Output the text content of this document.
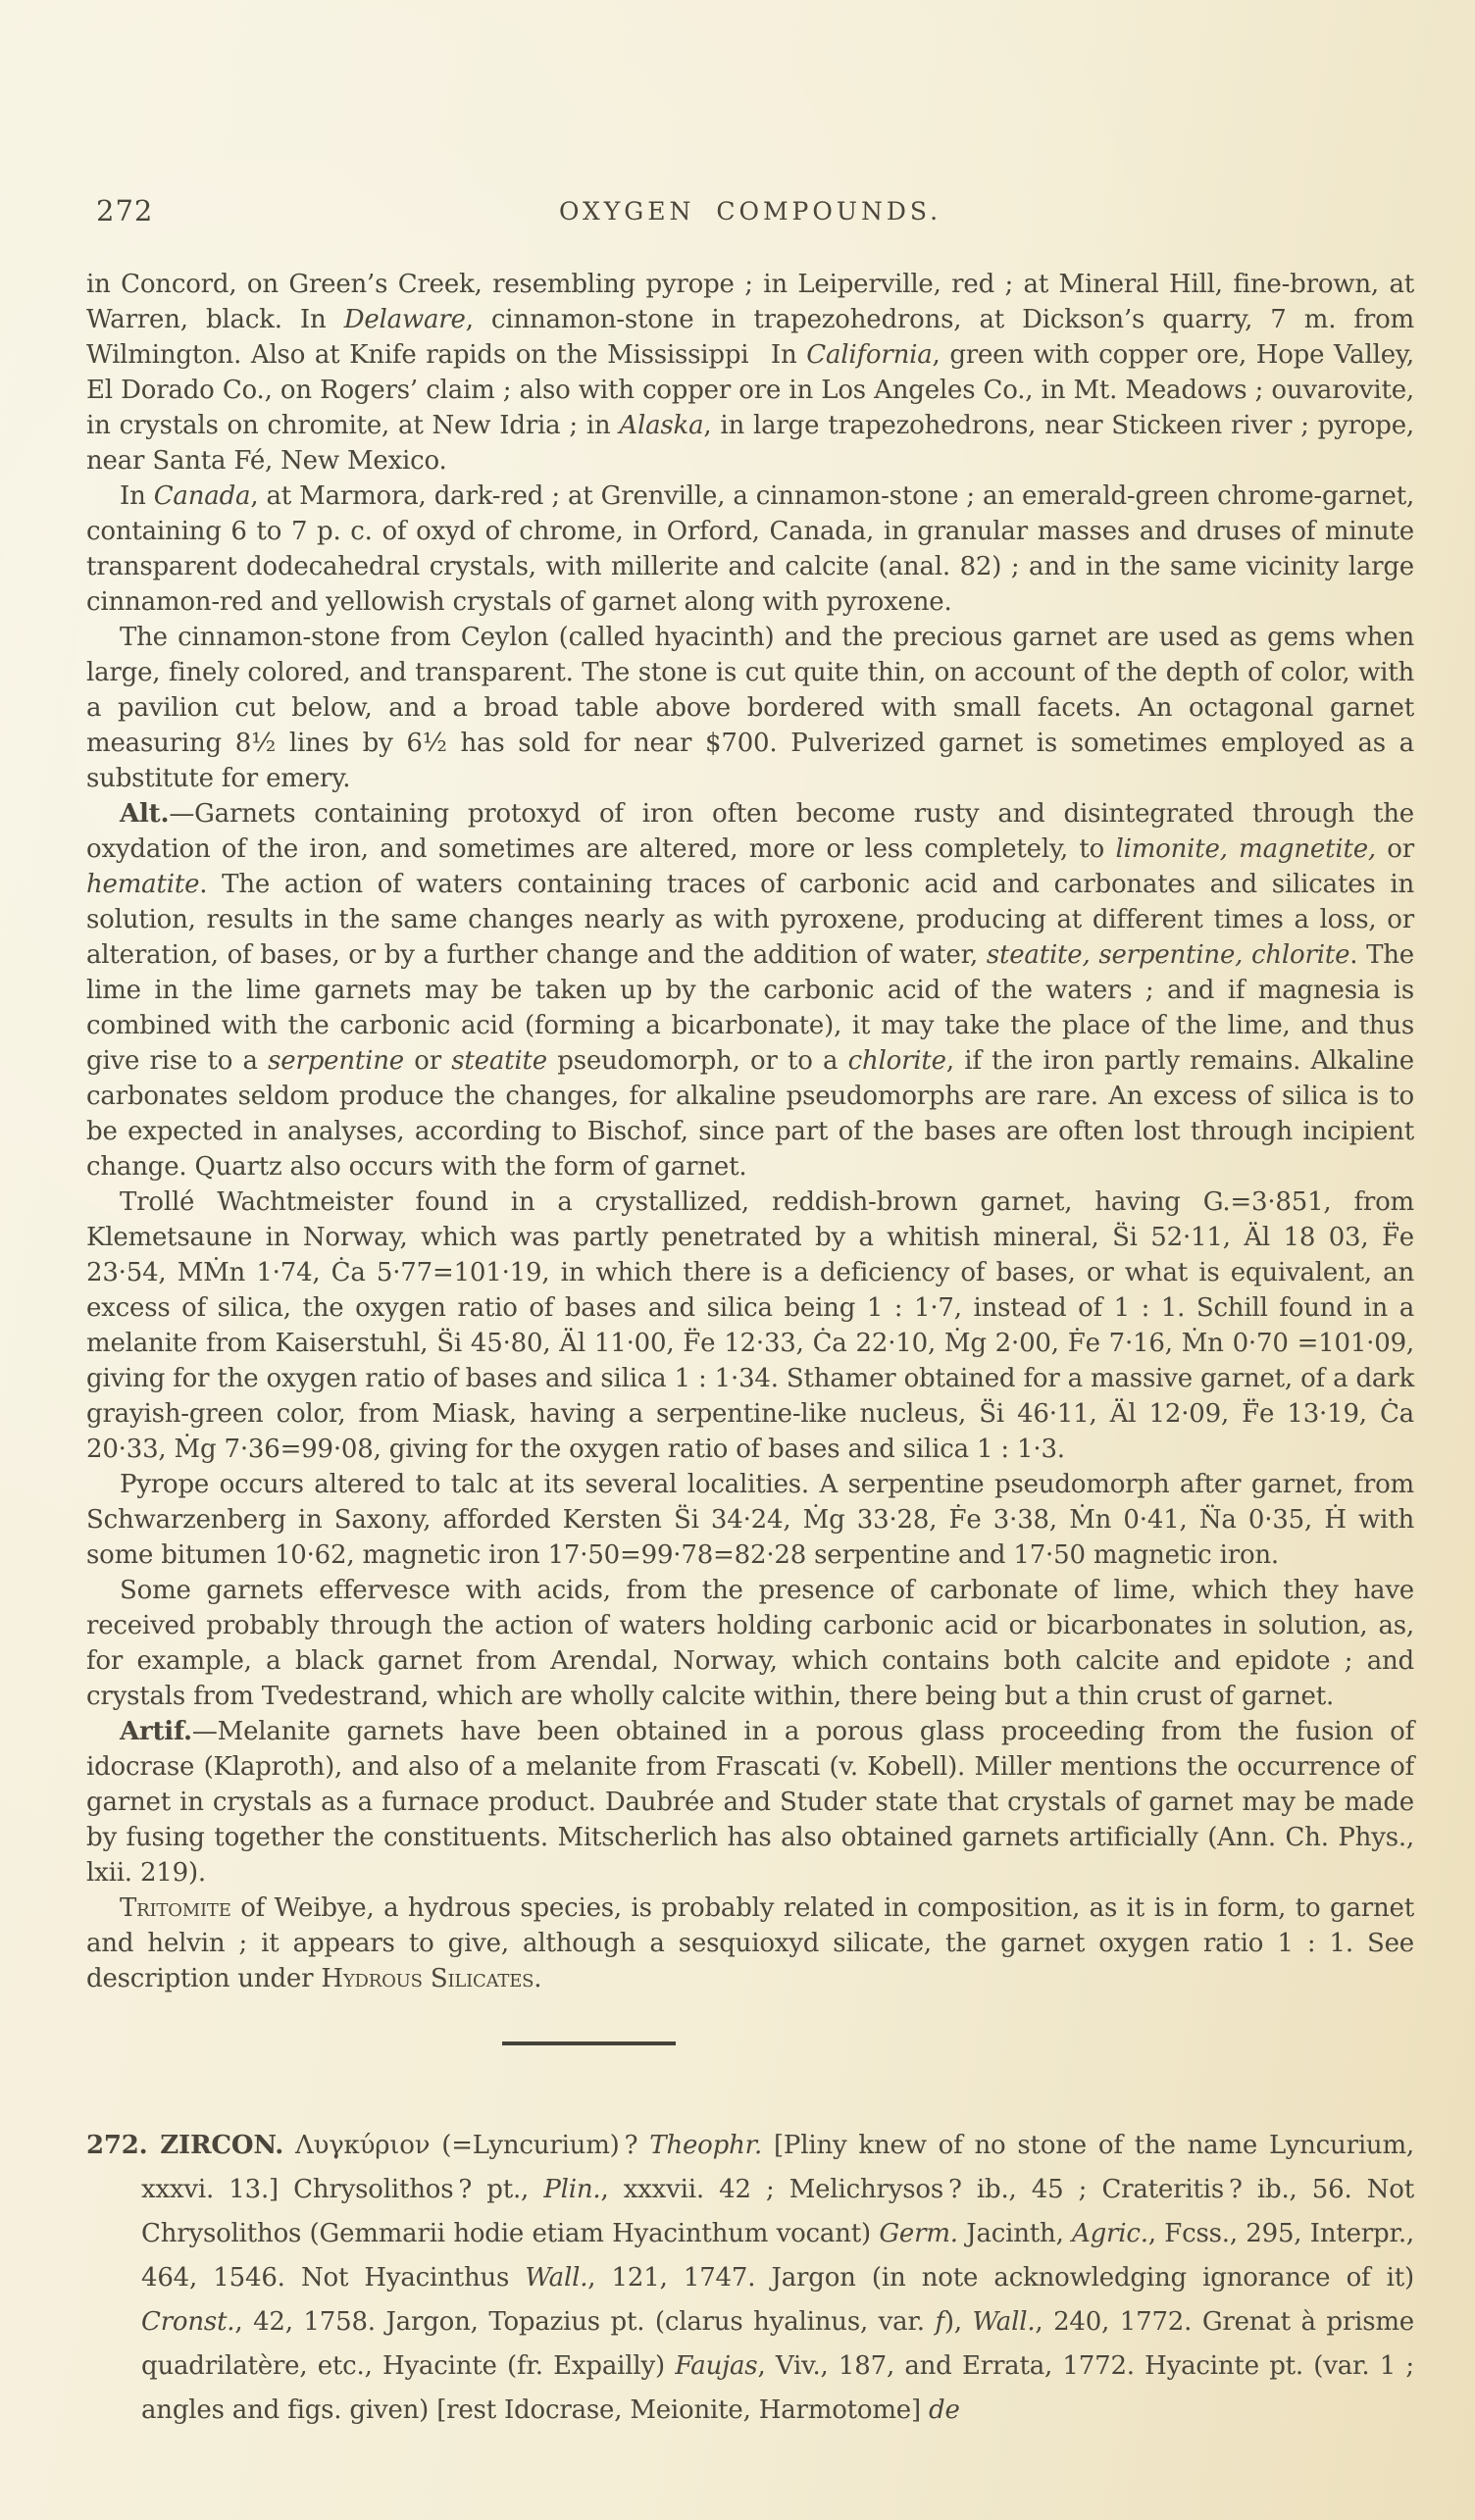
272	OXYGEN COMPOUNDS.

in Concord, on Green’s Creek, resembling pyrope ; in Leiperville, red ; at Mineral Hill, fine-brown, at Warren, black. In Delaware, cinnamon-stone in trapezohedrons, at Dickson’s quarry, 7 m. from Wilmington. Also at Knife rapids on the Mississippi  In California, green with copper ore, Hope Valley, El Dorado Co., on Rogers’ claim ; also with copper ore in Los Angeles Co., in Mt. Meadows ; ouvarovite, in crystals on chromite, at New Idria ; in Alaska, in large trapezohedrons, near Stickeen river ; pyrope, near Santa Fé, New Mexico.

In Canada, at Marmora, dark-red ; at Grenville, a cinnamon-stone ; an emerald-green chrome-garnet, containing 6 to 7 p. c. of oxyd of chrome, in Orford, Canada, in granular masses and druses of minute transparent dodecahedral crystals, with millerite and calcite (anal. 82) ; and in the same vicinity large cinnamon-red and yellowish crystals of garnet along with pyroxene.

The cinnamon-stone from Ceylon (called hyacinth) and the precious garnet are used as gems when large, finely colored, and transparent. The stone is cut quite thin, on account of the depth of color, with a pavilion cut below, and a broad table above bordered with small facets. An octagonal garnet measuring 8½ lines by 6½ has sold for near $700. Pulverized garnet is sometimes employed as a substitute for emery.

Alt.—Garnets containing protoxyd of iron often become rusty and disintegrated through the oxydation of the iron, and sometimes are altered, more or less completely, to limonite, magnetite, or hematite. The action of waters containing traces of carbonic acid and carbonates and silicates in solution, results in the same changes nearly as with pyroxene, producing at different times a loss, or alteration, of bases, or by a further change and the addition of water, steatite, serpentine, chlorite. The lime in the lime garnets may be taken up by the carbonic acid of the waters ; and if magnesia is combined with the carbonic acid (forming a bicarbonate), it may take the place of the lime, and thus give rise to a serpentine or steatite pseudomorph, or to a chlorite, if the iron partly remains. Alkaline carbonates seldom produce the changes, for alkaline pseudomorphs are rare. An excess of silica is to be expected in analyses, according to Bischof, since part of the bases are often lost through incipient change. Quartz also occurs with the form of garnet.

Trollé Wachtmeister found in a crystallized, reddish-brown garnet, having G.=3·851, from Klemetsaune in Norway, which was partly penetrated by a whitish mineral, S̈i 52·11, Äl 18 03, F̈e 23·54, MṀn 1·74, Ċa 5·77=101·19, in which there is a deficiency of bases, or what is equivalent, an excess of silica, the oxygen ratio of bases and silica being 1 : 1·7, instead of 1 : 1. Schill found in a melanite from Kaiserstuhl, S̈i 45·80, Äl 11·00, F̈e 12·33, Ċa 22·10, Ṁg 2·00, Ḟe 7·16, Ṁn 0·70 =101·09, giving for the oxygen ratio of bases and silica 1 : 1·34. Sthamer obtained for a massive garnet, of a dark grayish-green color, from Miask, having a serpentine-like nucleus, S̈i 46·11, Äl 12·09, F̈e 13·19, Ċa 20·33, Ṁg 7·36=99·08, giving for the oxygen ratio of bases and silica 1 : 1·3.

Pyrope occurs altered to talc at its several localities. A serpentine pseudomorph after garnet, from Schwarzenberg in Saxony, afforded Kersten S̈i 34·24, Ṁg 33·28, Ḟe 3·38, Ṁn 0·41, N̈a 0·35, Ḣ with some bitumen 10·62, magnetic iron 17·50=99·78=82·28 serpentine and 17·50 magnetic iron.

Some garnets effervesce with acids, from the presence of carbonate of lime, which they have received probably through the action of waters holding carbonic acid or bicarbonates in solution, as, for example, a black garnet from Arendal, Norway, which contains both calcite and epidote ; and crystals from Tvedestrand, which are wholly calcite within, there being but a thin crust of garnet.

Artif.—Melanite garnets have been obtained in a porous glass proceeding from the fusion of idocrase (Klaproth), and also of a melanite from Frascati (v. Kobell). Miller mentions the occurrence of garnet in crystals as a furnace product. Daubrée and Studer state that crystals of garnet may be made by fusing together the constituents. Mitscherlich has also obtained garnets artificially (Ann. Ch. Phys., lxii. 219).

Tritomite of Weibye, a hydrous species, is probably related in composition, as it is in form, to garnet and helvin ; it appears to give, although a sesquioxyd silicate, the garnet oxygen ratio 1 : 1. See description under Hydrous Silicates.

272. ZIRCON. Λυγκύριον (=Lyncurium) ? Theophr. [Pliny knew of no stone of the name Lyncurium, xxxvi. 13.] Chrysolithos ? pt., Plin., xxxvii. 42 ; Melichrysos ? ib., 45 ; Crateritis ? ib., 56. Not Chrysolithos (Gemmarii hodie etiam Hyacinthum vocant) Germ. Jacinth, Agric., Fcss., 295, Interpr., 464, 1546. Not Hyacinthus Wall., 121, 1747. Jargon (in note acknowledging ignorance of it) Cronst., 42, 1758. Jargon, Topazius pt. (clarus hyalinus, var. f), Wall., 240, 1772. Grenat à prisme quadrilatère, etc., Hyacinte (fr. Expailly) Faujas, Viv., 187, and Errata, 1772. Hyacinte pt. (var. 1 ; angles and figs. given) [rest Idocrase, Meionite, Harmotome] de
